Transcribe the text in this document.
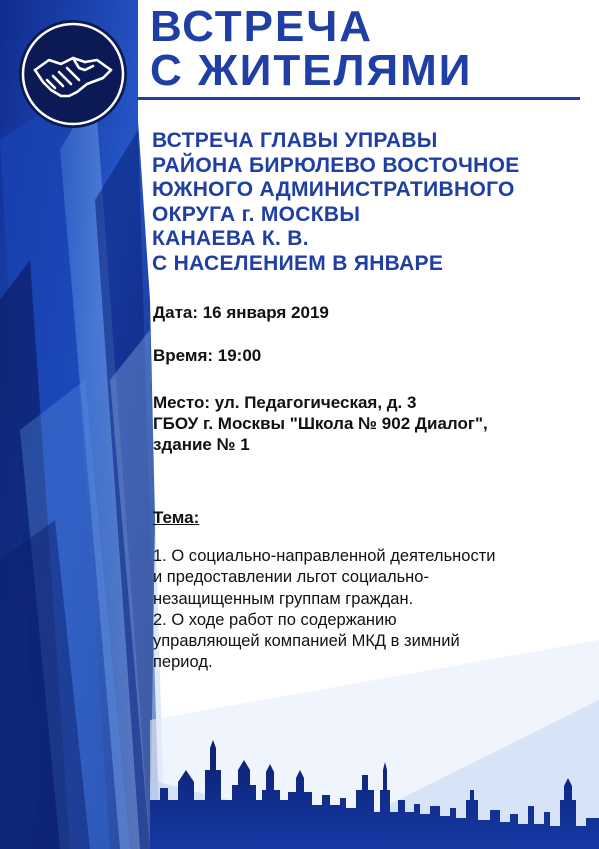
ВСТРЕЧА
С ЖИТЕЛЯМИ
ВСТРЕЧА ГЛАВЫ УПРАВЫ
РАЙОНА БИРЮЛЕВО ВОСТОЧНОЕ
ЮЖНОГО АДМИНИСТРАТИВНОГО
ОКРУГА г. МОСКВЫ
КАНАЕВА К. В.
С НАСЕЛЕНИЕМ В ЯНВАРЕ

Дата: 16 января 2019

Время: 19:00

Место: ул. Педагогическая, д. 3
ГБОУ г. Москвы "Школа № 902 Диалог",
здание № 1

Тема:

1. О социально-направленной деятельности
и предоставлении льгот социально-
незащищенным группам граждан.
2. О ходе работ по содержанию
управляющей компанией МКД в зимний
период.
